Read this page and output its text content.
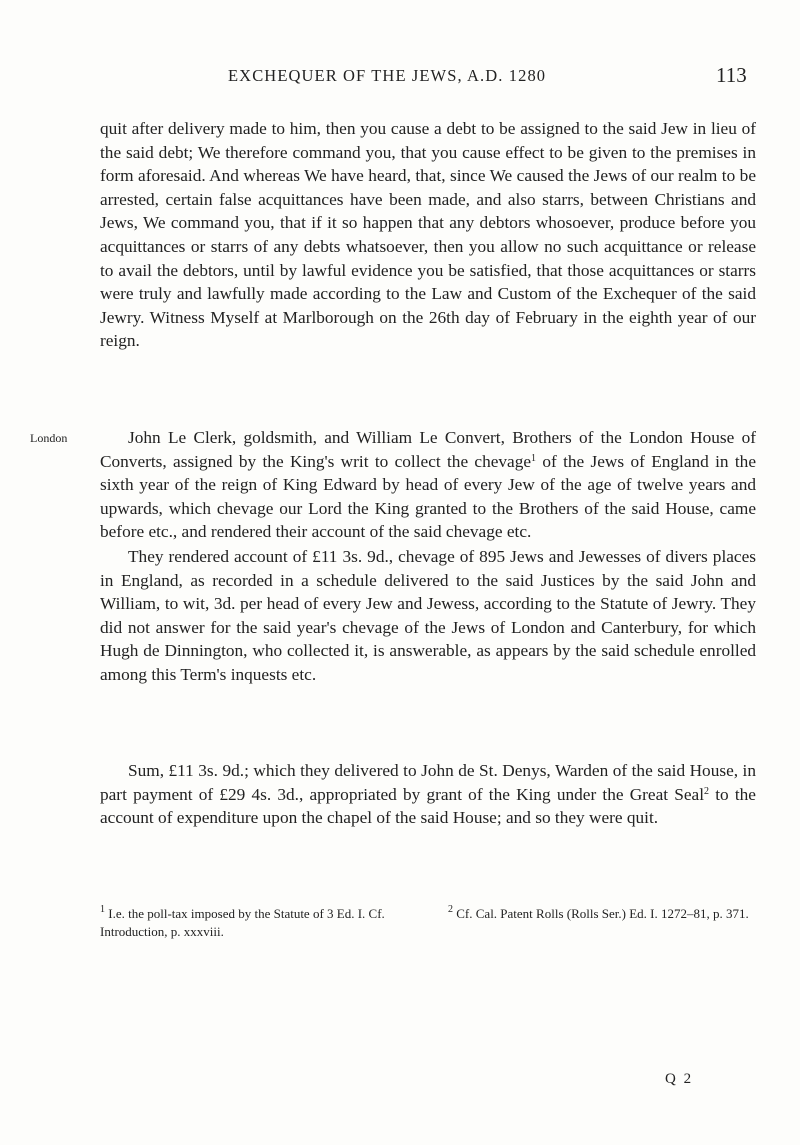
EXCHEQUER OF THE JEWS, A.D. 1280	113

quit after delivery made to him, then you cause a debt to be assigned to the said Jew in lieu of the said debt; We therefore command you, that you cause effect to be given to the premises in form aforesaid. And whereas We have heard, that, since We caused the Jews of our realm to be arrested, certain false acquittances have been made, and also starrs, between Christians and Jews, We command you, that if it so happen that any debtors whosoever, produce before you acquittances or starrs of any debts whatsoever, then you allow no such acquittance or release to avail the debtors, until by lawful evidence you be satisfied, that those acquittances or starrs were truly and lawfully made according to the Law and Custom of the Exchequer of the said Jewry. Witness Myself at Marlborough on the 26th day of February in the eighth year of our reign.

London	John Le Clerk, goldsmith, and William Le Convert, Brothers of the London House of Converts, assigned by the King's writ to collect the chevage$^1$ of the Jews of England in the sixth year of the reign of King Edward by head of every Jew of the age of twelve years and upwards, which chevage our Lord the King granted to the Brothers of the said House, came before etc., and rendered their account of the said chevage etc.

They rendered account of £11 3s. 9d., chevage of 895 Jews and Jewesses of divers places in England, as recorded in a schedule delivered to the said Justices by the said John and William, to wit, 3d. per head of every Jew and Jewess, according to the Statute of Jewry. They did not answer for the said year's chevage of the Jews of London and Canterbury, for which Hugh de Dinnington, who collected it, is answerable, as appears by the said schedule enrolled among this Term's inquests etc.

Sum, £11 3s. 9d.; which they delivered to John de St. Denys, Warden of the said House, in part payment of £29 4s. 3d., appropriated by grant of the King under the Great Seal$^2$ to the account of expenditure upon the chapel of the said House; and so they were quit.

$^1$ I.e. the poll-tax imposed by the Statute of 3 Ed. I. Cf. Introduction, p. xxxviii.
$^2$ Cf. Cal. Patent Rolls (Rolls Ser.) Ed. I. 1272–81, p. 371.
Q 2
